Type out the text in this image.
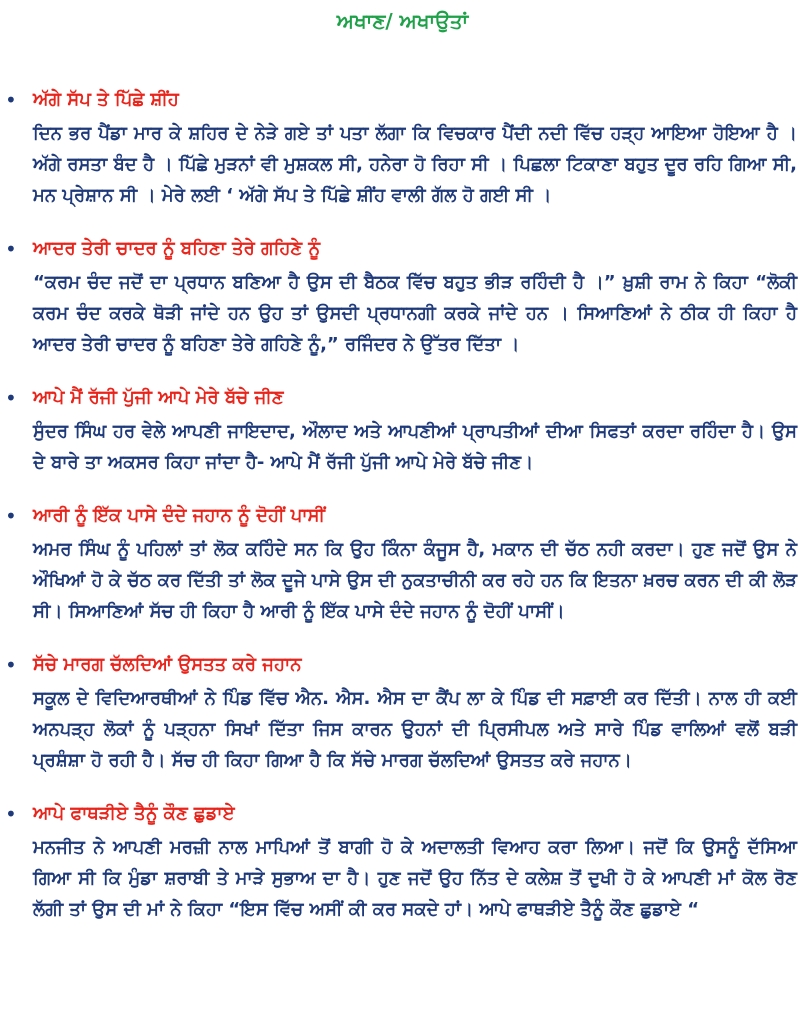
ਅਖਾਣ/ ਅਖਾਉਤਾਂ
• ਅੱਗੇ ਸੱਪ ਤੇ ਪਿੱਛੇ ਸ਼ੀਂਹ

ਦਿਨ ਭਰ ਪੈਂਡਾ ਮਾਰ ਕੇ ਸ਼ਹਿਰ ਦੇ ਨੇੜੇ ਗਏ ਤਾਂ ਪਤਾ ਲੱਗਾ ਕਿ ਵਿਚਕਾਰ ਪੈਂਦੀ ਨਦੀ ਵਿੱਚ ਹੜ੍ਹ ਆਇਆ ਹੋਇਆ ਹੈ । ਅੱਗੇ ਰਸਤਾ ਬੰਦ ਹੈ । ਪਿੱਛੇ ਮੁੜਨਾਂ ਵੀ ਮੁਸ਼ਕਲ ਸੀ, ਹਨੇਰਾ ਹੋ ਰਿਹਾ ਸੀ । ਪਿਛਲਾ ਟਿਕਾਣਾ ਬਹੁਤ ਦੂਰ ਰਹਿ ਗਿਆ ਸੀ, ਮਨ ਪ੍ਰੇਸ਼ਾਨ ਸੀ । ਮੇਰੇ ਲਈ ‘ ਅੱਗੇ ਸੱਪ ਤੇ ਪਿੱਛੇ ਸ਼ੀਂਹ ਵਾਲੀ ਗੱਲ ਹੋ ਗਈ ਸੀ ।

• ਆਦਰ ਤੇਰੀ ਚਾਦਰ ਨੂੰ ਬਹਿਣਾ ਤੇਰੇ ਗਹਿਣੇ ਨੂੰ

“ਕਰਮ ਚੰਦ ਜਦੋਂ ਦਾ ਪ੍ਰਧਾਨ ਬਣਿਆ ਹੈ ਉਸ ਦੀ ਬੈਠਕ ਵਿੱਚ ਬਹੁਤ ਭੀੜ ਰਹਿੰਦੀ ਹੈ ।” ਖ਼ੁਸ਼ੀ ਰਾਮ ਨੇ ਕਿਹਾ “ਲੋਕੀ ਕਰਮ ਚੰਦ ਕਰਕੇ ਥੋੜੀ ਜਾਂਦੇ ਹਨ ਉਹ ਤਾਂ ਉਸਦੀ ਪ੍ਰਧਾਨਗੀ ਕਰਕੇ ਜਾਂਦੇ ਹਨ । ਸਿਆਣਿਆਂ ਨੇ ਠੀਕ ਹੀ ਕਿਹਾ ਹੈ ਆਦਰ ਤੇਰੀ ਚਾਦਰ ਨੂੰ ਬਹਿਣਾ ਤੇਰੇ ਗਹਿਣੇ ਨੂੰ,” ਰਜਿੰਦਰ ਨੇ ਉੱਤਰ ਦਿੱਤਾ ।

• ਆਪੇ ਮੈਂ ਰੱਜੀ ਪੁੱਜੀ ਆਪੇ ਮੇਰੇ ਬੱਚੇ ਜੀਣ

ਸੁੰਦਰ ਸਿੰਘ ਹਰ ਵੇਲੇ ਆਪਣੀ ਜਾਇਦਾਦ, ਔਲਾਦ ਅਤੇ ਆਪਣੀਆਂ ਪ੍ਰਾਪਤੀਆਂ ਦੀਆ ਸਿਫਤਾਂ ਕਰਦਾ ਰਹਿੰਦਾ ਹੈ। ਉਸ ਦੇ ਬਾਰੇ ਤਾ ਅਕਸਰ ਕਿਹਾ ਜਾਂਦਾ ਹੈ- ਆਪੇ ਮੈਂ ਰੱਜੀ ਪੁੱਜੀ ਆਪੇ ਮੇਰੇ ਬੱਚੇ ਜੀਣ।

• ਆਰੀ ਨੂੰ ਇੱਕ ਪਾਸੇ ਦੰਦੇ ਜਹਾਨ ਨੂੰ ਦੋਹੀਂ ਪਾਸੀਂ

ਅਮਰ ਸਿੰਘ ਨੂੰ ਪਹਿਲਾਂ ਤਾਂ ਲੋਕ ਕਹਿੰਦੇ ਸਨ ਕਿ ਉਹ ਕਿੰਨਾ ਕੰਜੂਸ ਹੈ, ਮਕਾਨ ਦੀ ਚੱਠ ਨਹੀ ਕਰਦਾ। ਹੁਣ ਜਦੋਂ ਉਸ ਨੇ ਔਖਿਆਂ ਹੋ ਕੇ ਚੱਠ ਕਰ ਦਿੱਤੀ ਤਾਂ ਲੋਕ ਦੂਜੇ ਪਾਸੇ ਉਸ ਦੀ ਨੁਕਤਾਚੀਨੀ ਕਰ ਰਹੇ ਹਨ ਕਿ ਇਤਨਾ ਖ਼ਰਚ ਕਰਨ ਦੀ ਕੀ ਲੋੜ ਸੀ। ਸਿਆਣਿਆਂ ਸੱਚ ਹੀ ਕਿਹਾ ਹੈ ਆਰੀ ਨੂੰ ਇੱਕ ਪਾਸੇ ਦੰਦੇ ਜਹਾਨ ਨੂੰ ਦੋਹੀਂ ਪਾਸੀਂ।

• ਸੱਚੇ ਮਾਰਗ ਚੱਲਦਿਆਂ ਉਸਤਤ ਕਰੇ ਜਹਾਨ

ਸਕੂਲ ਦੇ ਵਿਦਿਆਰਥੀਆਂ ਨੇ ਪਿੰਡ ਵਿੱਚ ਐਨ. ਐਸ. ਐਸ ਦਾ ਕੈਂਪ ਲਾ ਕੇ ਪਿੰਡ ਦੀ ਸਫ਼ਾਈ ਕਰ ਦਿੱਤੀ। ਨਾਲ ਹੀ ਕਈ ਅਨਪੜ੍ਹ ਲੋਕਾਂ ਨੂੰ ਪੜ੍ਹਨਾ ਸਿਖਾਂ ਦਿੱਤਾ ਜਿਸ ਕਾਰਨ ਉਹਨਾਂ ਦੀ ਪ੍ਰਿਸੀਪਲ ਅਤੇ ਸਾਰੇ ਪਿੰਡ ਵਾਲਿਆਂ ਵਲੋਂ ਬੜੀ ਪ੍ਰਸ਼ੰਸ਼ਾ ਹੋ ਰਹੀ ਹੈ। ਸੱਚ ਹੀ ਕਿਹਾ ਗਿਆ ਹੈ ਕਿ ਸੱਚੇ ਮਾਰਗ ਚੱਲਦਿਆਂ ਉਸਤਤ ਕਰੇ ਜਹਾਨ।

• ਆਪੇ ਫਾਥੜੀਏ ਤੈਨੂੰ ਕੌਣ ਛੁਡਾਏ

ਮਨਜੀਤ ਨੇ ਆਪਣੀ ਮਰਜ਼ੀ ਨਾਲ ਮਾਪਿਆਂ ਤੋਂ ਬਾਗੀ ਹੋ ਕੇ ਅਦਾਲਤੀ ਵਿਆਹ ਕਰਾ ਲਿਆ। ਜਦੋਂ ਕਿ ਉਸਨੂੰ ਦੱਸਿਆ ਗਿਆ ਸੀ ਕਿ ਮੁੰਡਾ ਸ਼ਰਾਬੀ ਤੇ ਮਾੜੇ ਸੁਭਾਅ ਦਾ ਹੈ। ਹੁਣ ਜਦੋਂ ਉਹ ਨਿੱਤ ਦੇ ਕਲੇਸ਼ ਤੋਂ ਦੁਖੀ ਹੋ ਕੇ ਆਪਣੀ ਮਾਂ ਕੋਲ ਰੋਣ ਲੱਗੀ ਤਾਂ ਉਸ ਦੀ ਮਾਂ ਨੇ ਕਿਹਾ “ਇਸ ਵਿੱਚ ਅਸੀਂ ਕੀ ਕਰ ਸਕਦੇ ਹਾਂ। ਆਪੇ ਫਾਥੜੀਏ ਤੈਨੂੰ ਕੌਣ ਛੁਡਾਏ “
